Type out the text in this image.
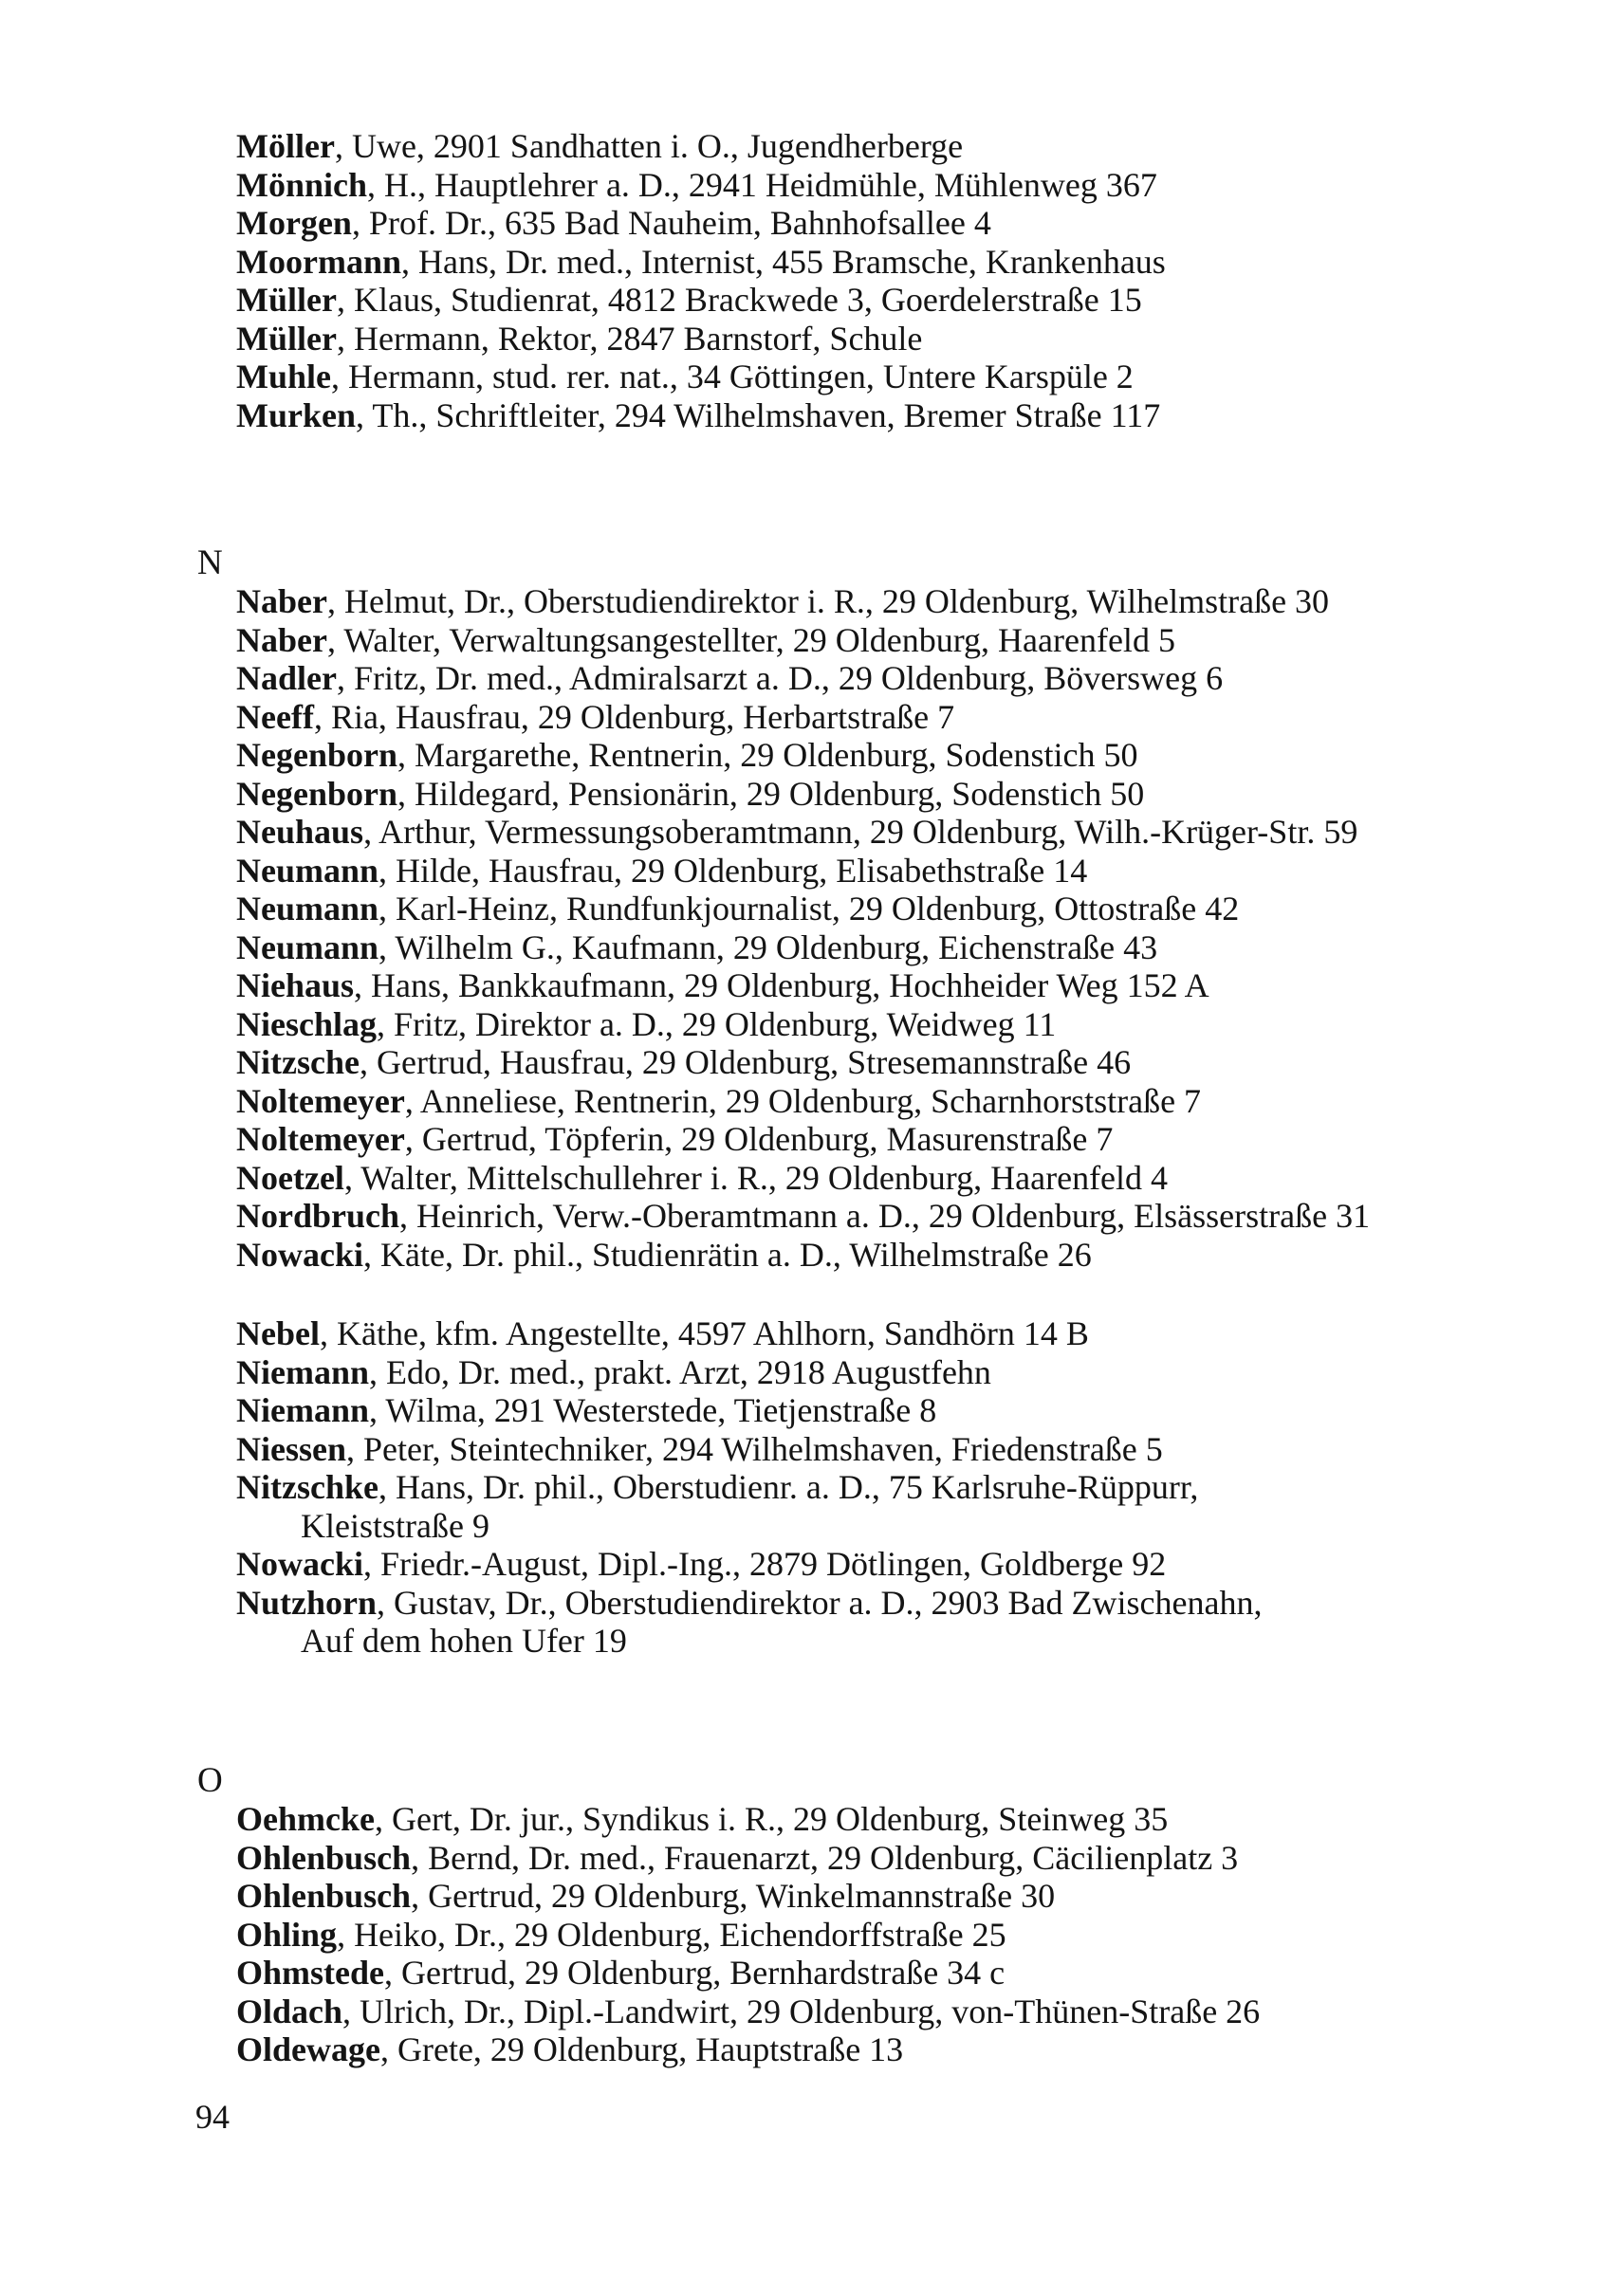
Möller, Uwe, 2901 Sandhatten i. O., Jugendherberge
Mönnich, H., Hauptlehrer a. D., 2941 Heidmühle, Mühlenweg 367
Morgen, Prof. Dr., 635 Bad Nauheim, Bahnhofsallee 4
Moormann, Hans, Dr. med., Internist, 455 Bramsche, Krankenhaus
Müller, Klaus, Studienrat, 4812 Brackwede 3, Goerdelerstraße 15
Müller, Hermann, Rektor, 2847 Barnstorf, Schule
Muhle, Hermann, stud. rer. nat., 34 Göttingen, Untere Karspüle 2
Murken, Th., Schriftleiter, 294 Wilhelmshaven, Bremer Straße 117
N
Naber, Helmut, Dr., Oberstudiendirektor i. R., 29 Oldenburg, Wilhelmstraße 30
Naber, Walter, Verwaltungsangestellter, 29 Oldenburg, Haarenfeld 5
Nadler, Fritz, Dr. med., Admiralsarzt a. D., 29 Oldenburg, Böversweg 6
Neeff, Ria, Hausfrau, 29 Oldenburg, Herbartstraße 7
Negenborn, Margarethe, Rentnerin, 29 Oldenburg, Sodenstich 50
Negenborn, Hildegard, Pensionärin, 29 Oldenburg, Sodenstich 50
Neuhaus, Arthur, Vermessungsoberamtmann, 29 Oldenburg, Wilh.-Krüger-Str. 59
Neumann, Hilde, Hausfrau, 29 Oldenburg, Elisabethstraße 14
Neumann, Karl-Heinz, Rundfunkjournalist, 29 Oldenburg, Ottostraße 42
Neumann, Wilhelm G., Kaufmann, 29 Oldenburg, Eichenstraße 43
Niehaus, Hans, Bankkaufmann, 29 Oldenburg, Hochheider Weg 152 A
Nieschlag, Fritz, Direktor a. D., 29 Oldenburg, Weidweg 11
Nitzsche, Gertrud, Hausfrau, 29 Oldenburg, Stresemannstraße 46
Noltemeyer, Anneliese, Rentnerin, 29 Oldenburg, Scharnhorststraße 7
Noltemeyer, Gertrud, Töpferin, 29 Oldenburg, Masurenstraße 7
Noetzel, Walter, Mittelschullehrer i. R., 29 Oldenburg, Haarenfeld 4
Nordbruch, Heinrich, Verw.-Oberamtmann a. D., 29 Oldenburg, Elsässerstraße 31
Nowacki, Käte, Dr. phil., Studienrätin a. D., Wilhelmstraße 26
Nebel, Käthe, kfm. Angestellte, 4597 Ahlhorn, Sandhörn 14 B
Niemann, Edo, Dr. med., prakt. Arzt, 2918 Augustfehn
Niemann, Wilma, 291 Westerstede, Tietjenstraße 8
Niessen, Peter, Steintechniker, 294 Wilhelmshaven, Friedenstraße 5
Nitzschke, Hans, Dr. phil., Oberstudienr. a. D., 75 Karlsruhe-Rüppurr,
Kleiststraße 9
Nowacki, Friedr.-August, Dipl.-Ing., 2879 Dötlingen, Goldberge 92
Nutzhorn, Gustav, Dr., Oberstudiendirektor a. D., 2903 Bad Zwischenahn,
Auf dem hohen Ufer 19
O
Oehmcke, Gert, Dr. jur., Syndikus i. R., 29 Oldenburg, Steinweg 35
Ohlenbusch, Bernd, Dr. med., Frauenarzt, 29 Oldenburg, Cäcilienplatz 3
Ohlenbusch, Gertrud, 29 Oldenburg, Winkelmannstraße 30
Ohling, Heiko, Dr., 29 Oldenburg, Eichendorffstraße 25
Ohmstede, Gertrud, 29 Oldenburg, Bernhardstraße 34 c
Oldach, Ulrich, Dr., Dipl.-Landwirt, 29 Oldenburg, von-Thünen-Straße 26
Oldewage, Grete, 29 Oldenburg, Hauptstraße 13
94
